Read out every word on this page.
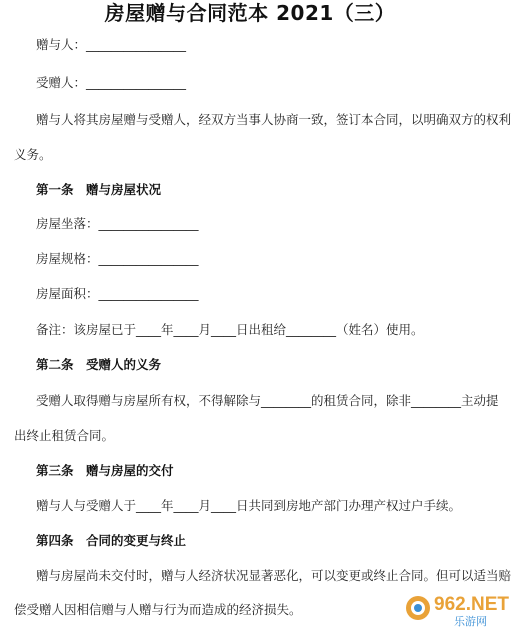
房屋赠与合同范本 2021（三）
赠与人：________________
受赠人：________________
赠与人将其房屋赠与受赠人，经双方当事人协商一致，签订本合同，以明确双方的权利
义务。
第一条　赠与房屋状况
房屋坐落：________________
房屋规格：________________
房屋面积：________________
备注：该房屋已于____年____月____日出租给________（姓名）使用。
第二条　受赠人的义务
受赠人取得赠与房屋所有权，不得解除与________的租赁合同，除非________主动提
出终止租赁合同。
第三条　赠与房屋的交付
赠与人与受赠人于____年____月____日共同到房地产部门办理产权过户手续。
第四条　合同的变更与终止
赠与房屋尚未交付时，赠与人经济状况显著恶化，可以变更或终止合同。但可以适当赔
偿受赠人因相信赠与人赠与行为而造成的经济损失。	962.NET
乐游网
